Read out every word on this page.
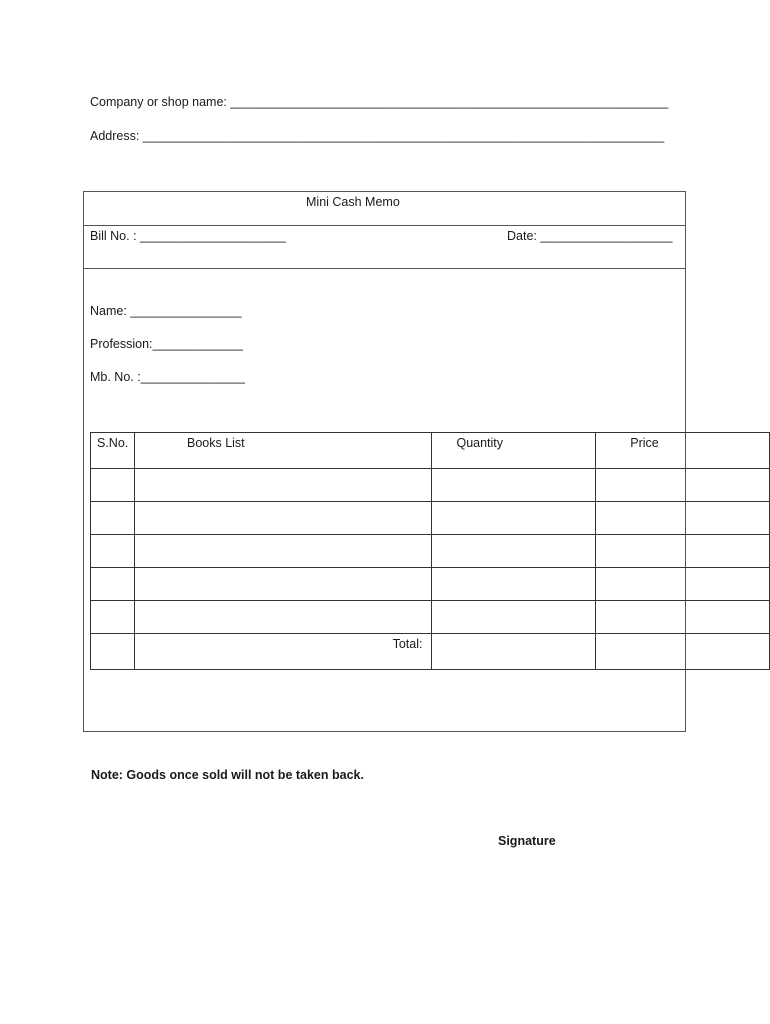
Company or shop name: _______________________________________________________________
Address: ___________________________________________________________________________
Mini Cash Memo
Bill No. : _____________________	Date: ___________________
Name: ________________
Profession:_____________
Mb. No. :_______________
S.No.	Books List	Quantity	Price

	Total:		
Note: Goods once sold will not be taken back.
Signature
